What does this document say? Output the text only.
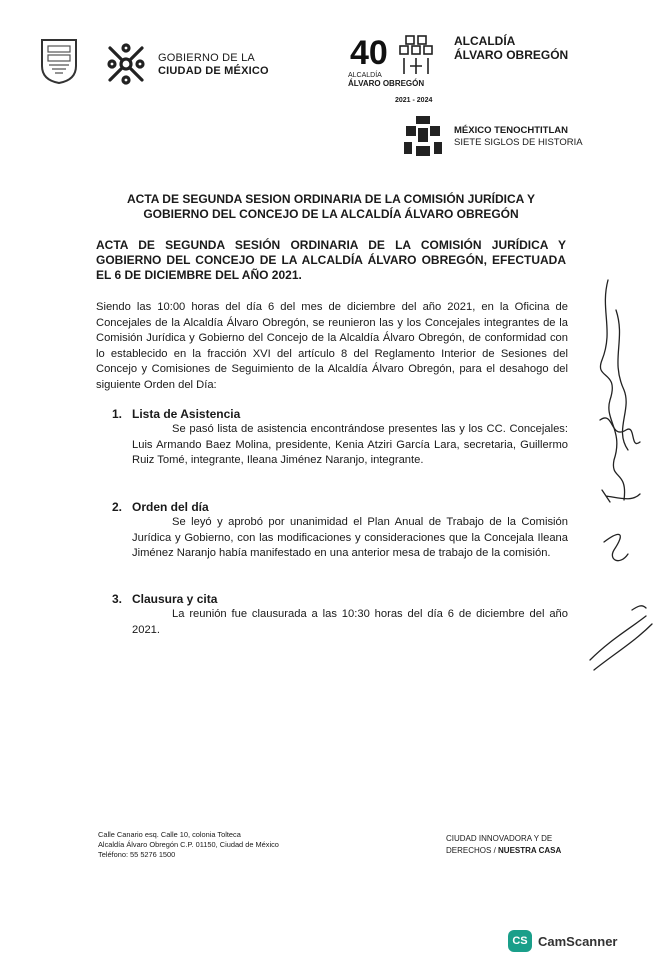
GOBIERNO DE LA
CIUDAD DE MÉXICO 40
ALCALDÍA
ÁLVARO OBREGÓN
2021 - 2024
ALCALDÍA
ÁLVARO OBREGÓN
MÉXICO TENOCHTITLAN
SIETE SIGLOS DE HISTORIA
ACTA DE SEGUNDA SESION ORDINARIA DE LA COMISIÓN JURÍDICA Y GOBIERNO DEL CONCEJO DE LA ALCALDÍA ÁLVARO OBREGÓN
ACTA DE SEGUNDA SESIÓN ORDINARIA DE LA COMISIÓN JURÍDICA Y GOBIERNO DEL CONCEJO DE LA ALCALDÍA ÁLVARO OBREGÓN, EFECTUADA EL 6 DE DICIEMBRE DEL AÑO 2021.
Siendo las 10:00 horas del día 6 del mes de diciembre del año 2021, en la Oficina de Concejales de la Alcaldía Álvaro Obregón, se reunieron las y los Concejales integrantes de la Comisión Jurídica y Gobierno del Concejo de la Alcaldía Álvaro Obregón, de conformidad con lo establecido en la fracción XVI del artículo 8 del Reglamento Interior de Sesiones del Concejo y Comisiones de Seguimiento de la Alcaldía Álvaro Obregón, para el desahogo del siguiente Orden del Día:
1. Lista de Asistencia
Se pasó lista de asistencia encontrándose presentes las y los CC. Concejales: Luis Armando Baez Molina, presidente, Kenia Atziri García Lara, secretaria, Guillermo Ruiz Tomé, integrante, Ileana Jiménez Naranjo, integrante.
2. Orden del día
Se leyó y aprobó por unanimidad el Plan Anual de Trabajo de la Comisión Jurídica y Gobierno, con las modificaciones y consideraciones que la Concejala Ileana Jiménez Naranjo había manifestado en una anterior mesa de trabajo de la comisión.
3. Clausura y cita
La reunión fue clausurada a las 10:30 horas del día 6 de diciembre del año 2021.
Calle Canario esq. Calle 10, colonia Tolteca
Alcaldía Álvaro Obregón C.P. 01150, Ciudad de México
Teléfono: 55 5276 1500
CIUDAD INNOVADORA Y DE
DERECHOS / NUESTRA CASA
CS CamScanner
